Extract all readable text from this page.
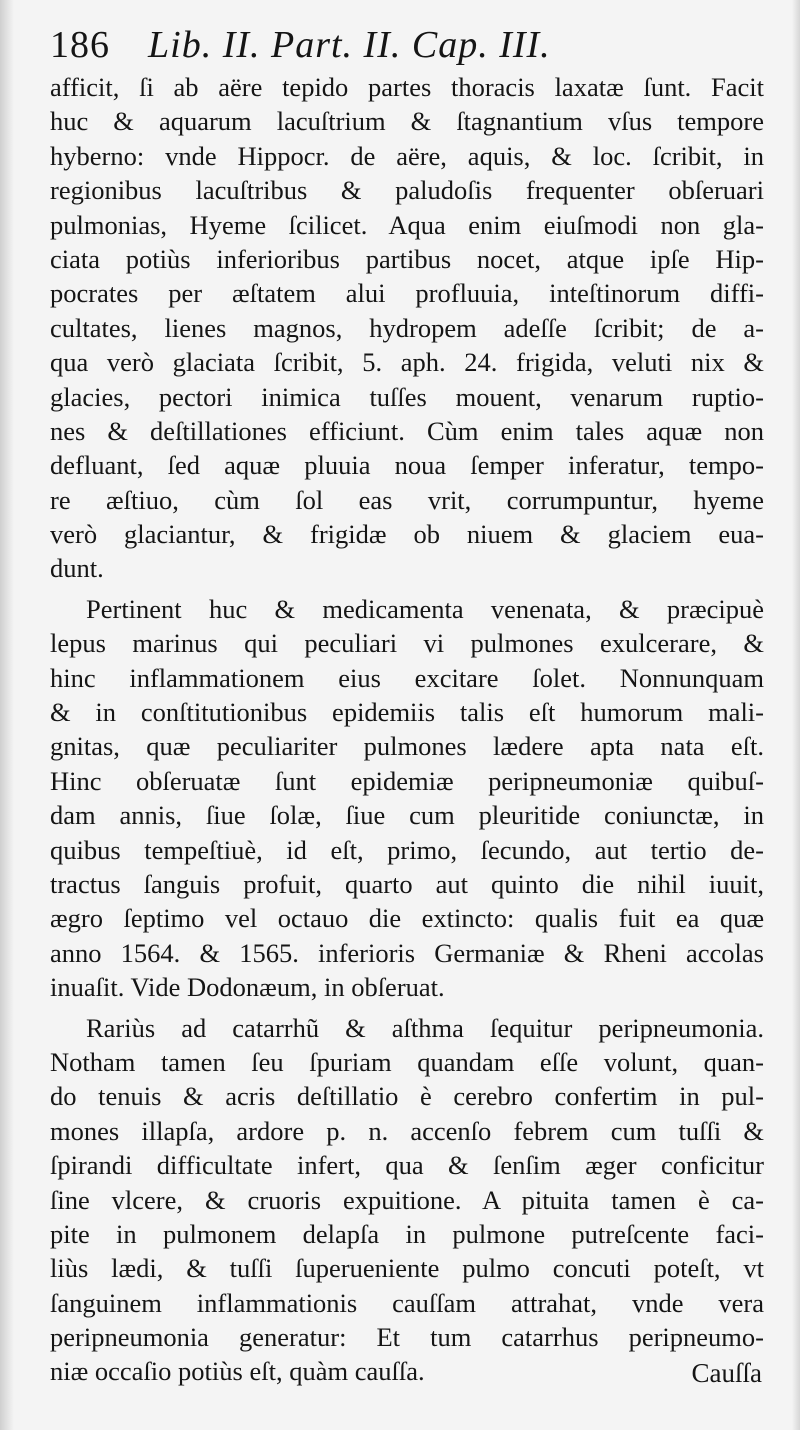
186 Lib. II. Part. II. Cap. III.
afficit, ſi ab aëre tepido partes thoracis laxatæ ſunt. Facit
huc & aquarum lacuſtrium & ſtagnantium vſus tempore
hyberno: vnde Hippocr. de aëre, aquis, & loc. ſcribit, in
regionibus lacuſtribus & paludoſis frequenter obſeruari
pulmonias, Hyeme ſcilicet. Aqua enim eiuſmodi non gla-
ciata potiùs inferioribus partibus nocet, atque ipſe Hip-
pocrates per æſtatem alui profluuia, inteſtinorum diffi-
cultates, lienes magnos, hydropem adeſſe ſcribit; de a-
qua verò glaciata ſcribit, 5. aph. 24. frigida, veluti nix &
glacies, pectori inimica tuſſes mouent, venarum ruptio-
nes & deſtillationes efficiunt. Cùm enim tales aquæ non
defluant, ſed aquæ pluuia noua ſemper inferatur, tempo-
re æſtiuo, cùm ſol eas vrit, corrumpuntur, hyeme
verò glaciantur, & frigidæ ob niuem & glaciem eua-
dunt.
Pertinent huc & medicamenta venenata, & præcipuè
lepus marinus qui peculiari vi pulmones exulcerare, &
hinc inflammationem eius excitare ſolet. Nonnunquam
& in conſtitutionibus epidemiis talis eſt humorum mali-
gnitas, quæ peculiariter pulmones lædere apta nata eſt.
Hinc obſeruatæ ſunt epidemiæ peripneumoniæ quibuſ-
dam annis, ſiue ſolæ, ſiue cum pleuritide coniunctæ, in
quibus tempeſtiuè, id eſt, primo, ſecundo, aut tertio de-
tractus ſanguis profuit, quarto aut quinto die nihil iuuit,
ægro ſeptimo vel octauo die extincto: qualis fuit ea quæ
anno 1564. & 1565. inferioris Germaniæ & Rheni accolas
inuaſit. Vide Dodonæum, in obſeruat.
Rariùs ad catarrhũ & aſthma ſequitur peripneumonia.
Notham tamen ſeu ſpuriam quandam eſſe volunt, quan-
do tenuis & acris deſtillatio è cerebro confertim in pul-
mones illapſa, ardore p. n. accenſo febrem cum tuſſi &
ſpirandi difficultate infert, qua & ſenſim æger conficitur
ſine vlcere, & cruoris expuitione. A pituita tamen è ca-
pite in pulmonem delapſa in pulmone putreſcente faci-
liùs lædi, & tuſſi ſuperueniente pulmo concuti poteſt, vt
ſanguinem inflammationis cauſſam attrahat, vnde vera
peripneumonia generatur: Et tum catarrhus peripneumo-
niæ occaſio potiùs eſt, quàm cauſſa.	Cauſſa
